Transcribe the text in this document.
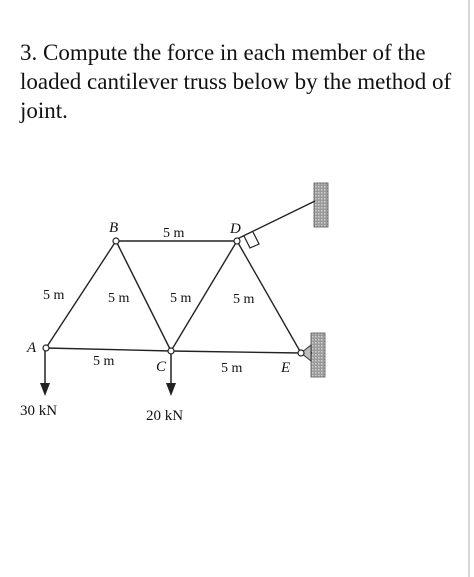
3. Compute the force in each member of the loaded cantilever truss below by the method of joint.

A
B
C
D
E
5 m	5 m	5 m	5 m
5 m
5 m	5 m
30 kN	20 kN
